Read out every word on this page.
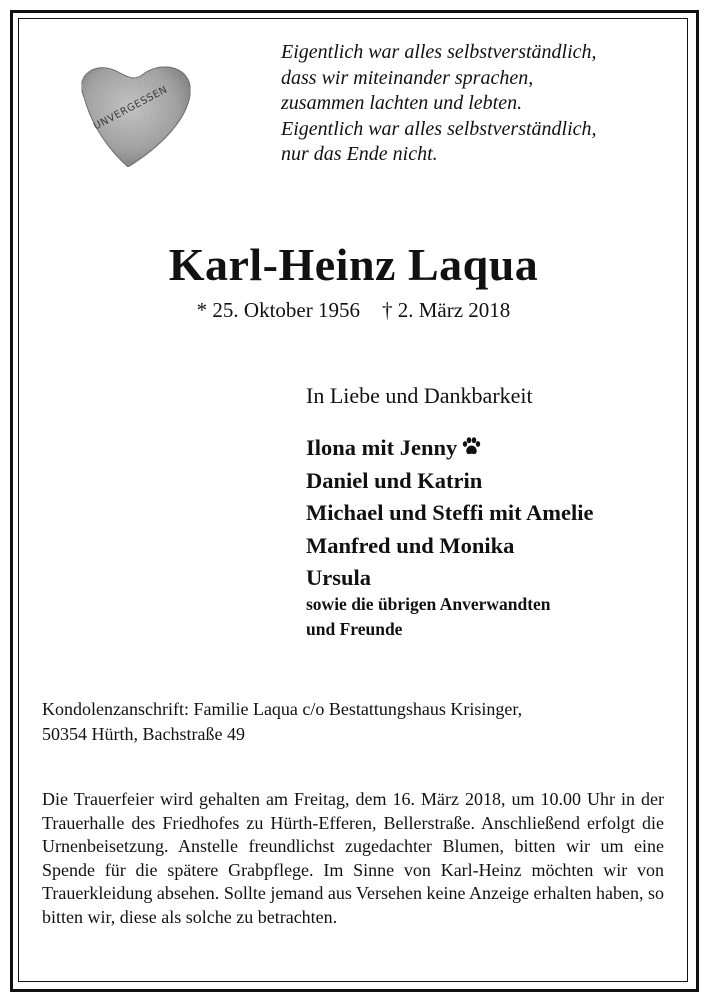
UNVERGESSEN
Eigentlich war alles selbstverständlich,
dass wir miteinander sprachen,
zusammen lachten und lebten.
Eigentlich war alles selbstverständlich,
nur das Ende nicht.
Karl-Heinz Laqua
* 25. Oktober 1956 † 2. März 2018
In Liebe und Dankbarkeit
Ilona mit Jenny
Daniel und Katrin
Michael und Steffi mit Amelie
Manfred und Monika
Ursula
sowie die übrigen Anverwandten
und Freunde
Kondolenzanschrift: Familie Laqua c/o Bestattungshaus Krisinger,
50354 Hürth, Bachstraße 49
Die Trauerfeier wird gehalten am Freitag, dem 16. März 2018, um 10.00 Uhr in der Trauerhalle des Friedhofes zu Hürth-Efferen, Bellerstraße. Anschließend erfolgt die Urnenbeisetzung. Anstelle freundlichst zugedachter Blumen, bitten wir um eine Spende für die spätere Grabpflege. Im Sinne von Karl-Heinz möchten wir von Trauerkleidung absehen. Sollte jemand aus Versehen keine Anzeige erhalten haben, so bitten wir, diese als solche zu betrachten.
